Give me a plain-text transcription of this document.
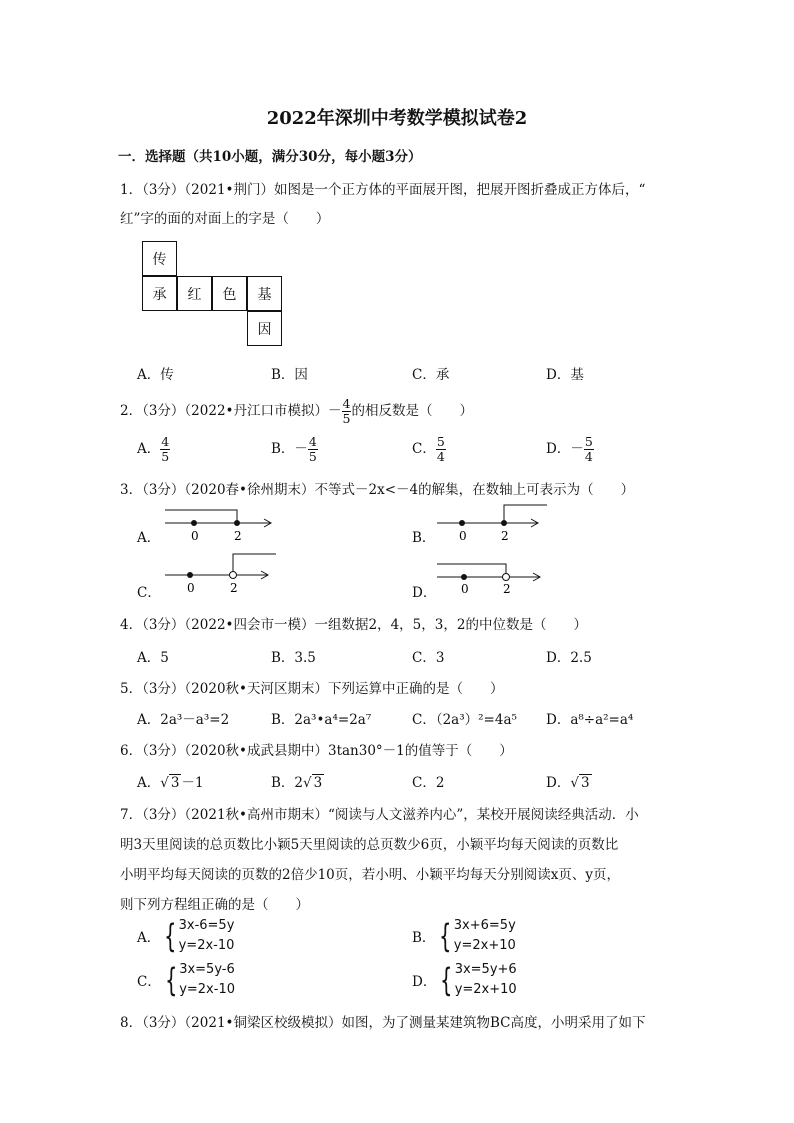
2022年深圳中考数学模拟试卷2
一．选择题（共10小题，满分30分，每小题3分）
1．（3分）（2021•荆门）如图是一个正方体的平面展开图，把展开图折叠成正方体后，“
红”字的面的对面上的字是（　　）
传
承	红	色	基
因
A．传	B．因	C．承	D．基
2．（3分）（2022•丹江口市模拟）－ $\frac{4}{5}$ 的相反数是（　　）
A． $\frac{4}{5}$	B．－ $\frac{4}{5}$	C． $\frac{5}{4}$	D．－ $\frac{5}{4}$
3．（3分）（2020春•徐州期末）不等式－2x<－4的解集，在数轴上可表示为（　　）
A．	0	2	B． 0	2
C． 0	2	D． 0	2
4．（3分）（2022•四会市一模）一组数据2，4，5，3，2的中位数是（　　）
A．5	B．3.5	C．3	D．2.5
5．（3分）（2020秋•天河区期末）下列运算中正确的是（　　）
A．2a³－a³=2	B．2a³•a⁴=2a⁷	C．（2a³）²=4a⁵ D．a⁸÷a²=a⁴
6．（3分）（2020秋•成武县期中）3tan30°－1的值等于（　　）
A．√ 3 －1	B．2√ 3	C．2	D．√ 3
7．（3分）（2021秋•高州市期末）“阅读与人文滋养内心”，某校开展阅读经典活动．小
明3天里阅读的总页数比小颖5天里阅读的总页数少6页，小颖平均每天阅读的页数比
小明平均每天阅读的页数的2倍少10页，若小明、小颖平均每天分别阅读x页、y页，
则下列方程组正确的是（　　）
A． { 3x-6=5y
y=2x-10	B． { 3x+6=5y
y=2x+10
C． { 3x=5y-6
y=2x-10	D． { 3x=5y+6
y=2x+10
8．（3分）（2021•铜梁区校级模拟）如图，为了测量某建筑物BC高度，小明采用了如下
